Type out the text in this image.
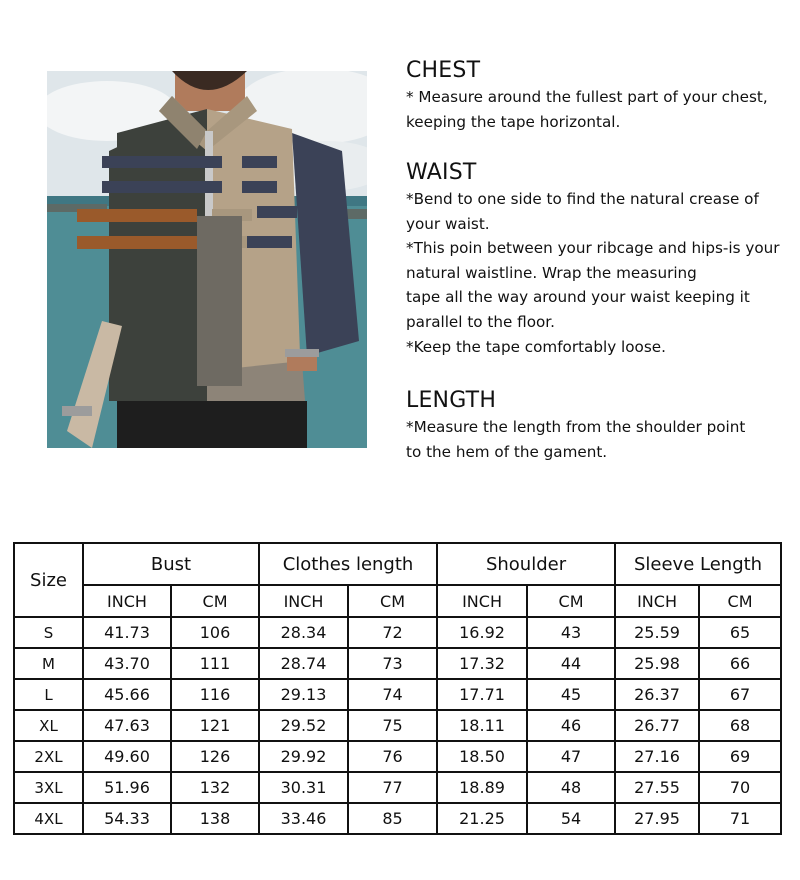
CHEST

* Measure around the fullest part of your chest,

keeping the tape horizontal.

WAIST

*Bend to one side to find the natural crease of

your waist.

*This poin between your ribcage and hips-is your

natural waistline. Wrap the measuring

tape all the way around your waist keeping it

parallel to the floor.

*Keep the tape comfortably loose.

LENGTH

*Measure the length from the shoulder point

to the hem of the gament.

Size	Bust		Clothes length		Shoulder		Sleeve Length	
	INCH	CM	INCH	CM	INCH	CM	INCH	CM
S	41.73	106	28.34	72	16.92	43	25.59	65
M	43.70	111	28.74	73	17.32	44	25.98	66
L	45.66	116	29.13	74	17.71	45	26.37	67
XL	47.63	121	29.52	75	18.11	46	26.77	68
2XL	49.60	126	29.92	76	18.50	47	27.16	69
3XL	51.96	132	30.31	77	18.89	48	27.55	70
4XL	54.33	138	33.46	85	21.25	54	27.95	71
